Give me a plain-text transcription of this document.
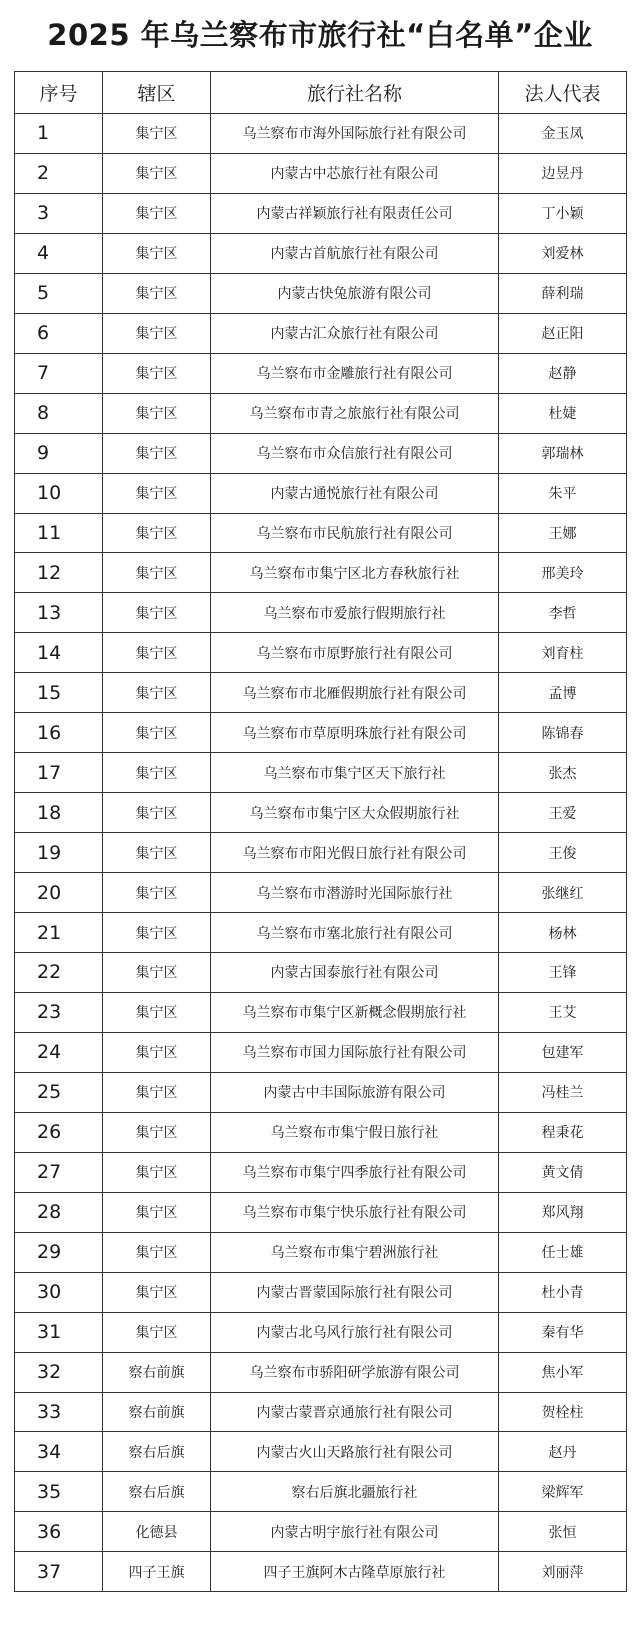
2025 年乌兰察布市旅行社“白名单”企业
序号	辖区	旅行社名称	法人代表
1	集宁区	乌兰察布市海外国际旅行社有限公司	金玉凤
2	集宁区	内蒙古中芯旅行社有限公司	边昱丹
3	集宁区	内蒙古祥颖旅行社有限责任公司	丁小颖
4	集宁区	内蒙古首航旅行社有限公司	刘爱林
5	集宁区	内蒙古快兔旅游有限公司	薛利瑞
6	集宁区	内蒙古汇众旅行社有限公司	赵正阳
7	集宁区	乌兰察布市金雕旅行社有限公司	赵静
8	集宁区	乌兰察布市青之旅旅行社有限公司	杜婕
9	集宁区	乌兰察布市众信旅行社有限公司	郭瑞林
10	集宁区	内蒙古通悦旅行社有限公司	朱平
11	集宁区	乌兰察布市民航旅行社有限公司	王娜
12	集宁区	乌兰察布市集宁区北方春秋旅行社	邢美玲
13	集宁区	乌兰察布市爱旅行假期旅行社	李哲
14	集宁区	乌兰察布市原野旅行社有限公司	刘育柱
15	集宁区	乌兰察布市北雁假期旅行社有限公司	孟博
16	集宁区	乌兰察布市草原明珠旅行社有限公司	陈锦春
17	集宁区	乌兰察布市集宁区天下旅行社	张杰
18	集宁区	乌兰察布市集宁区大众假期旅行社	王爱
19	集宁区	乌兰察布市阳光假日旅行社有限公司	王俊
20	集宁区	乌兰察布市潜游时光国际旅行社	张继红
21	集宁区	乌兰察布市塞北旅行社有限公司	杨林
22	集宁区	内蒙古国泰旅行社有限公司	王锋
23	集宁区	乌兰察布市集宁区新概念假期旅行社	王艾
24	集宁区	乌兰察布市国力国际旅行社有限公司	包建军
25	集宁区	内蒙古中丰国际旅游有限公司	冯桂兰
26	集宁区	乌兰察布市集宁假日旅行社	程秉花
27	集宁区	乌兰察布市集宁四季旅行社有限公司	黄文倩
28	集宁区	乌兰察布市集宁快乐旅行社有限公司	郑风翔
29	集宁区	乌兰察布市集宁碧洲旅行社	任士雄
30	集宁区	内蒙古晋蒙国际旅行社有限公司	杜小青
31	集宁区	内蒙古北乌风行旅行社有限公司	秦有华
32	察右前旗	乌兰察布市骄阳研学旅游有限公司	焦小军
33	察右前旗	内蒙古蒙晋京通旅行社有限公司	贺栓柱
34	察右后旗	内蒙古火山天路旅行社有限公司	赵丹
35	察右后旗	察右后旗北疆旅行社	梁辉军
36	化德县	内蒙古明宇旅行社有限公司	张恒
37	四子王旗	四子王旗阿木古隆草原旅行社	刘丽萍
